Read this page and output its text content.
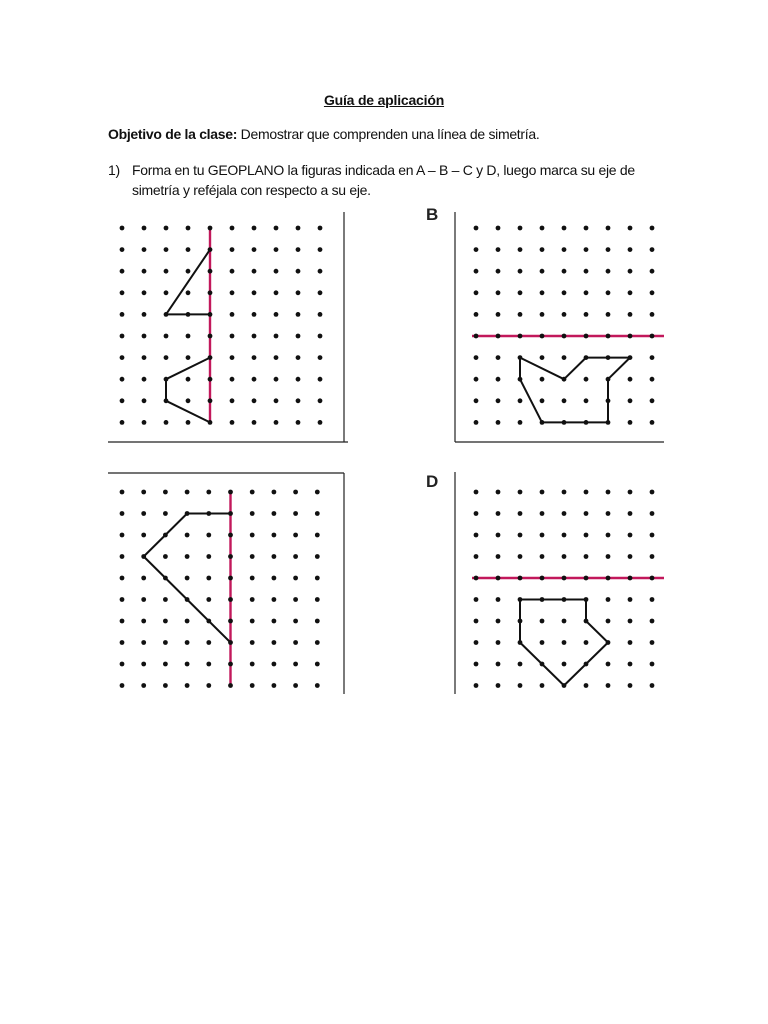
Guía de aplicación
Objetivo de la clase: Demostrar que comprenden una línea de simetría.
1) Forma en tu GEOPLANO la figuras indicada en A – B – C y D, luego marca su eje de simetría y reféjala con respecto a su eje.
B
D
